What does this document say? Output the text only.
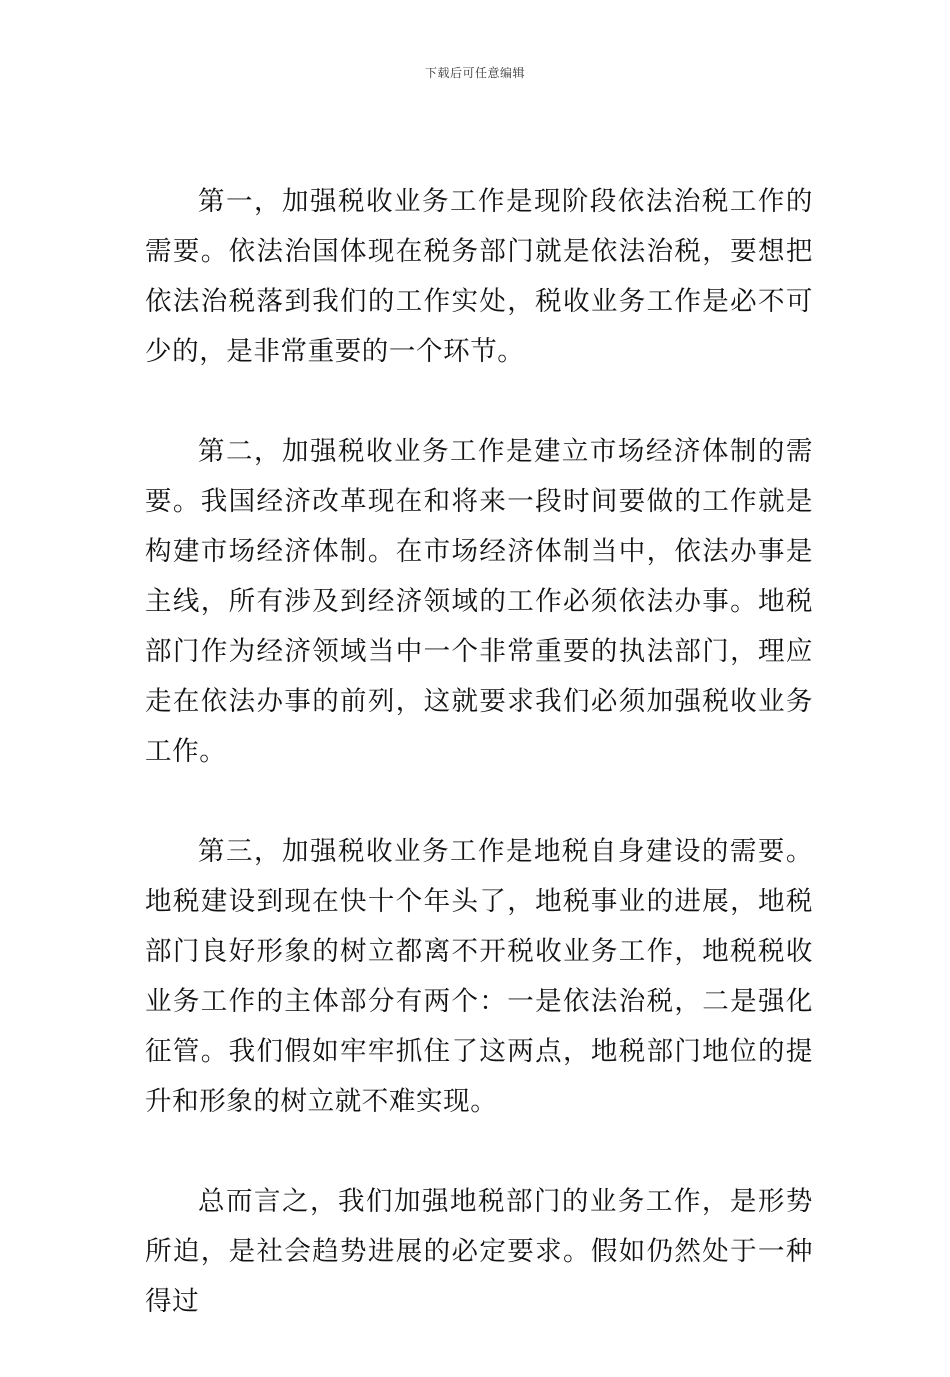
下载后可任意编辑

第一，加强税收业务工作是现阶段依法治税工作的需要。依法治国体现在税务部门就是依法治税，要想把依法治税落到我们的工作实处，税收业务工作是必不可少的，是非常重要的一个环节。

第二，加强税收业务工作是建立市场经济体制的需要。我国经济改革现在和将来一段时间要做的工作就是构建市场经济体制。在市场经济体制当中，依法办事是主线，所有涉及到经济领域的工作必须依法办事。地税部门作为经济领域当中一个非常重要的执法部门，理应走在依法办事的前列，这就要求我们必须加强税收业务工作。

第三，加强税收业务工作是地税自身建设的需要。地税建设到现在快十个年头了，地税事业的进展，地税部门良好形象的树立都离不开税收业务工作，地税税收业务工作的主体部分有两个：一是依法治税，二是强化征管。我们假如牢牢抓住了这两点，地税部门地位的提升和形象的树立就不难实现。

总而言之，我们加强地税部门的业务工作，是形势所迫，是社会趋势进展的必定要求。假如仍然处于一种得过
